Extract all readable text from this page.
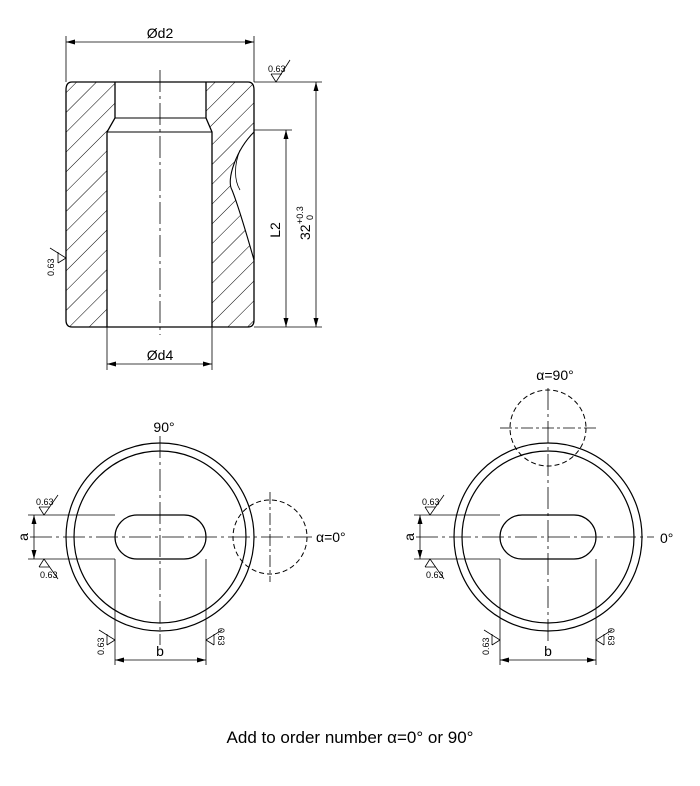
Ød2
Ød4
L2 32
+0.3 0
0.63
0.63
90°
α=0°
a
b
0.63
0.63
0.63
0.63
α=90°
0°
a
b
0.63
0.63
0.63
0.63
Add to order number α=0° or 90°
